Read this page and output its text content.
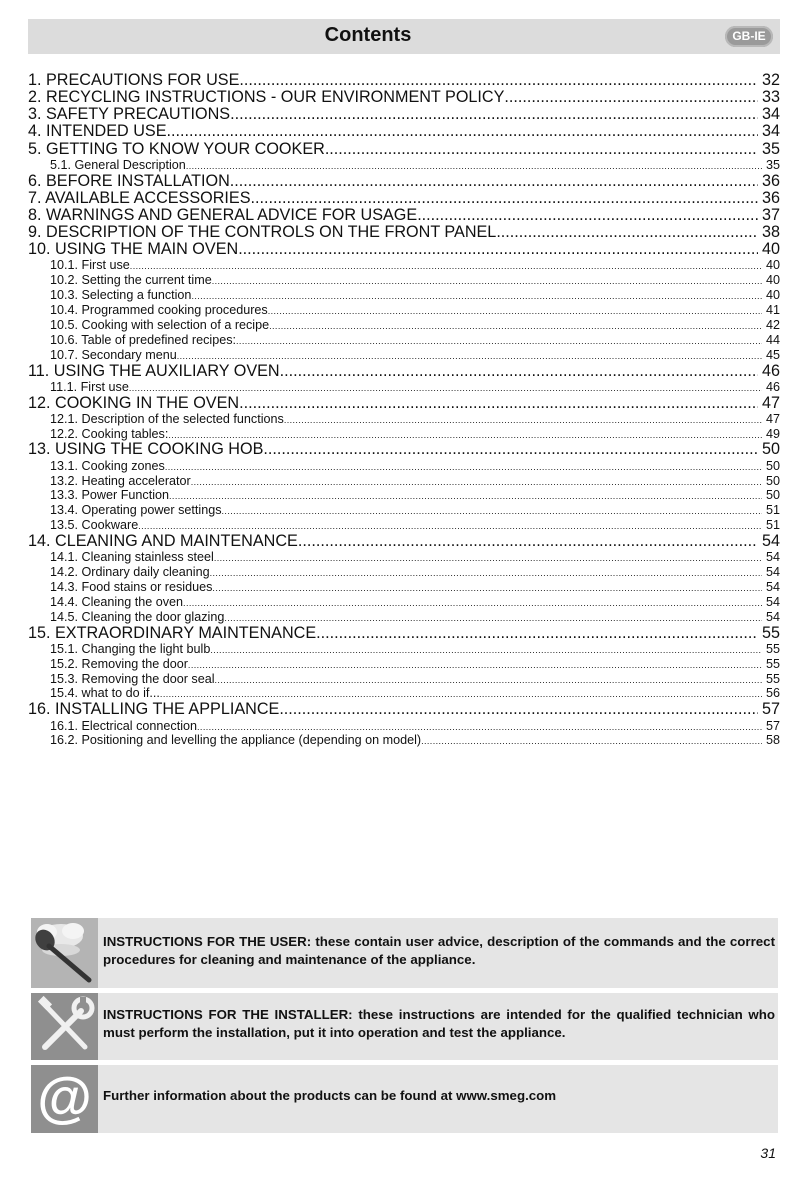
Contents	GB-IE
1. PRECAUTIONS FOR USE .....	32
2. RECYCLING INSTRUCTIONS - OUR ENVIRONMENT POLICY .....	33
3. SAFETY PRECAUTIONS .....	34
4. INTENDED USE .....	34
5. GETTING TO KNOW YOUR COOKER .....	35
5.1. General Description .....	35
6. BEFORE INSTALLATION .....	36
7. AVAILABLE ACCESSORIES .....	36
8. WARNINGS AND GENERAL ADVICE FOR USAGE .....	37
9. DESCRIPTION OF THE CONTROLS ON THE FRONT PANEL .....	38
10. USING THE MAIN OVEN .....	40
10.1. First use .....	40
10.2. Setting the current time .....	40
10.3. Selecting a function .....	40
10.4. Programmed cooking procedures .....	41
10.5. Cooking with selection of a recipe .....	42
10.6. Table of predefined recipes: .....	44
10.7. Secondary menu .....	45
11. USING THE AUXILIARY OVEN .....	46
11.1. First use .....	46
12. COOKING IN THE OVEN .....	47
12.1. Description of the selected functions .....	47
12.2. Cooking tables: .....	49
13. USING THE COOKING HOB .....	50
13.1. Cooking zones .....	50
13.2. Heating accelerator .....	50
13.3. Power Function .....	50
13.4. Operating power settings .....	51
13.5. Cookware .....	51
14. CLEANING AND MAINTENANCE .....	54
14.1. Cleaning stainless steel .....	54
14.2. Ordinary daily cleaning .....	54
14.3. Food stains or residues .....	54
14.4. Cleaning the oven .....	54
14.5. Cleaning the door glazing .....	54
15. EXTRAORDINARY MAINTENANCE .....	55
15.1. Changing the light bulb .....	55
15.2. Removing the door .....	55
15.3. Removing the door seal .....	55
15.4. what to do if... .....	56
16. INSTALLING THE APPLIANCE .....	57
16.1. Electrical connection .....	57
16.2. Positioning and levelling the appliance (depending on model) .....	58
INSTRUCTIONS FOR THE USER: these contain user advice, description of the commands and the correct procedures for cleaning and maintenance of the appliance.
INSTRUCTIONS FOR THE INSTALLER: these instructions are intended for the qualified technician who must perform the installation, put it into operation and test the appliance.
@ Further information about the products can be found at www.smeg.com
31
